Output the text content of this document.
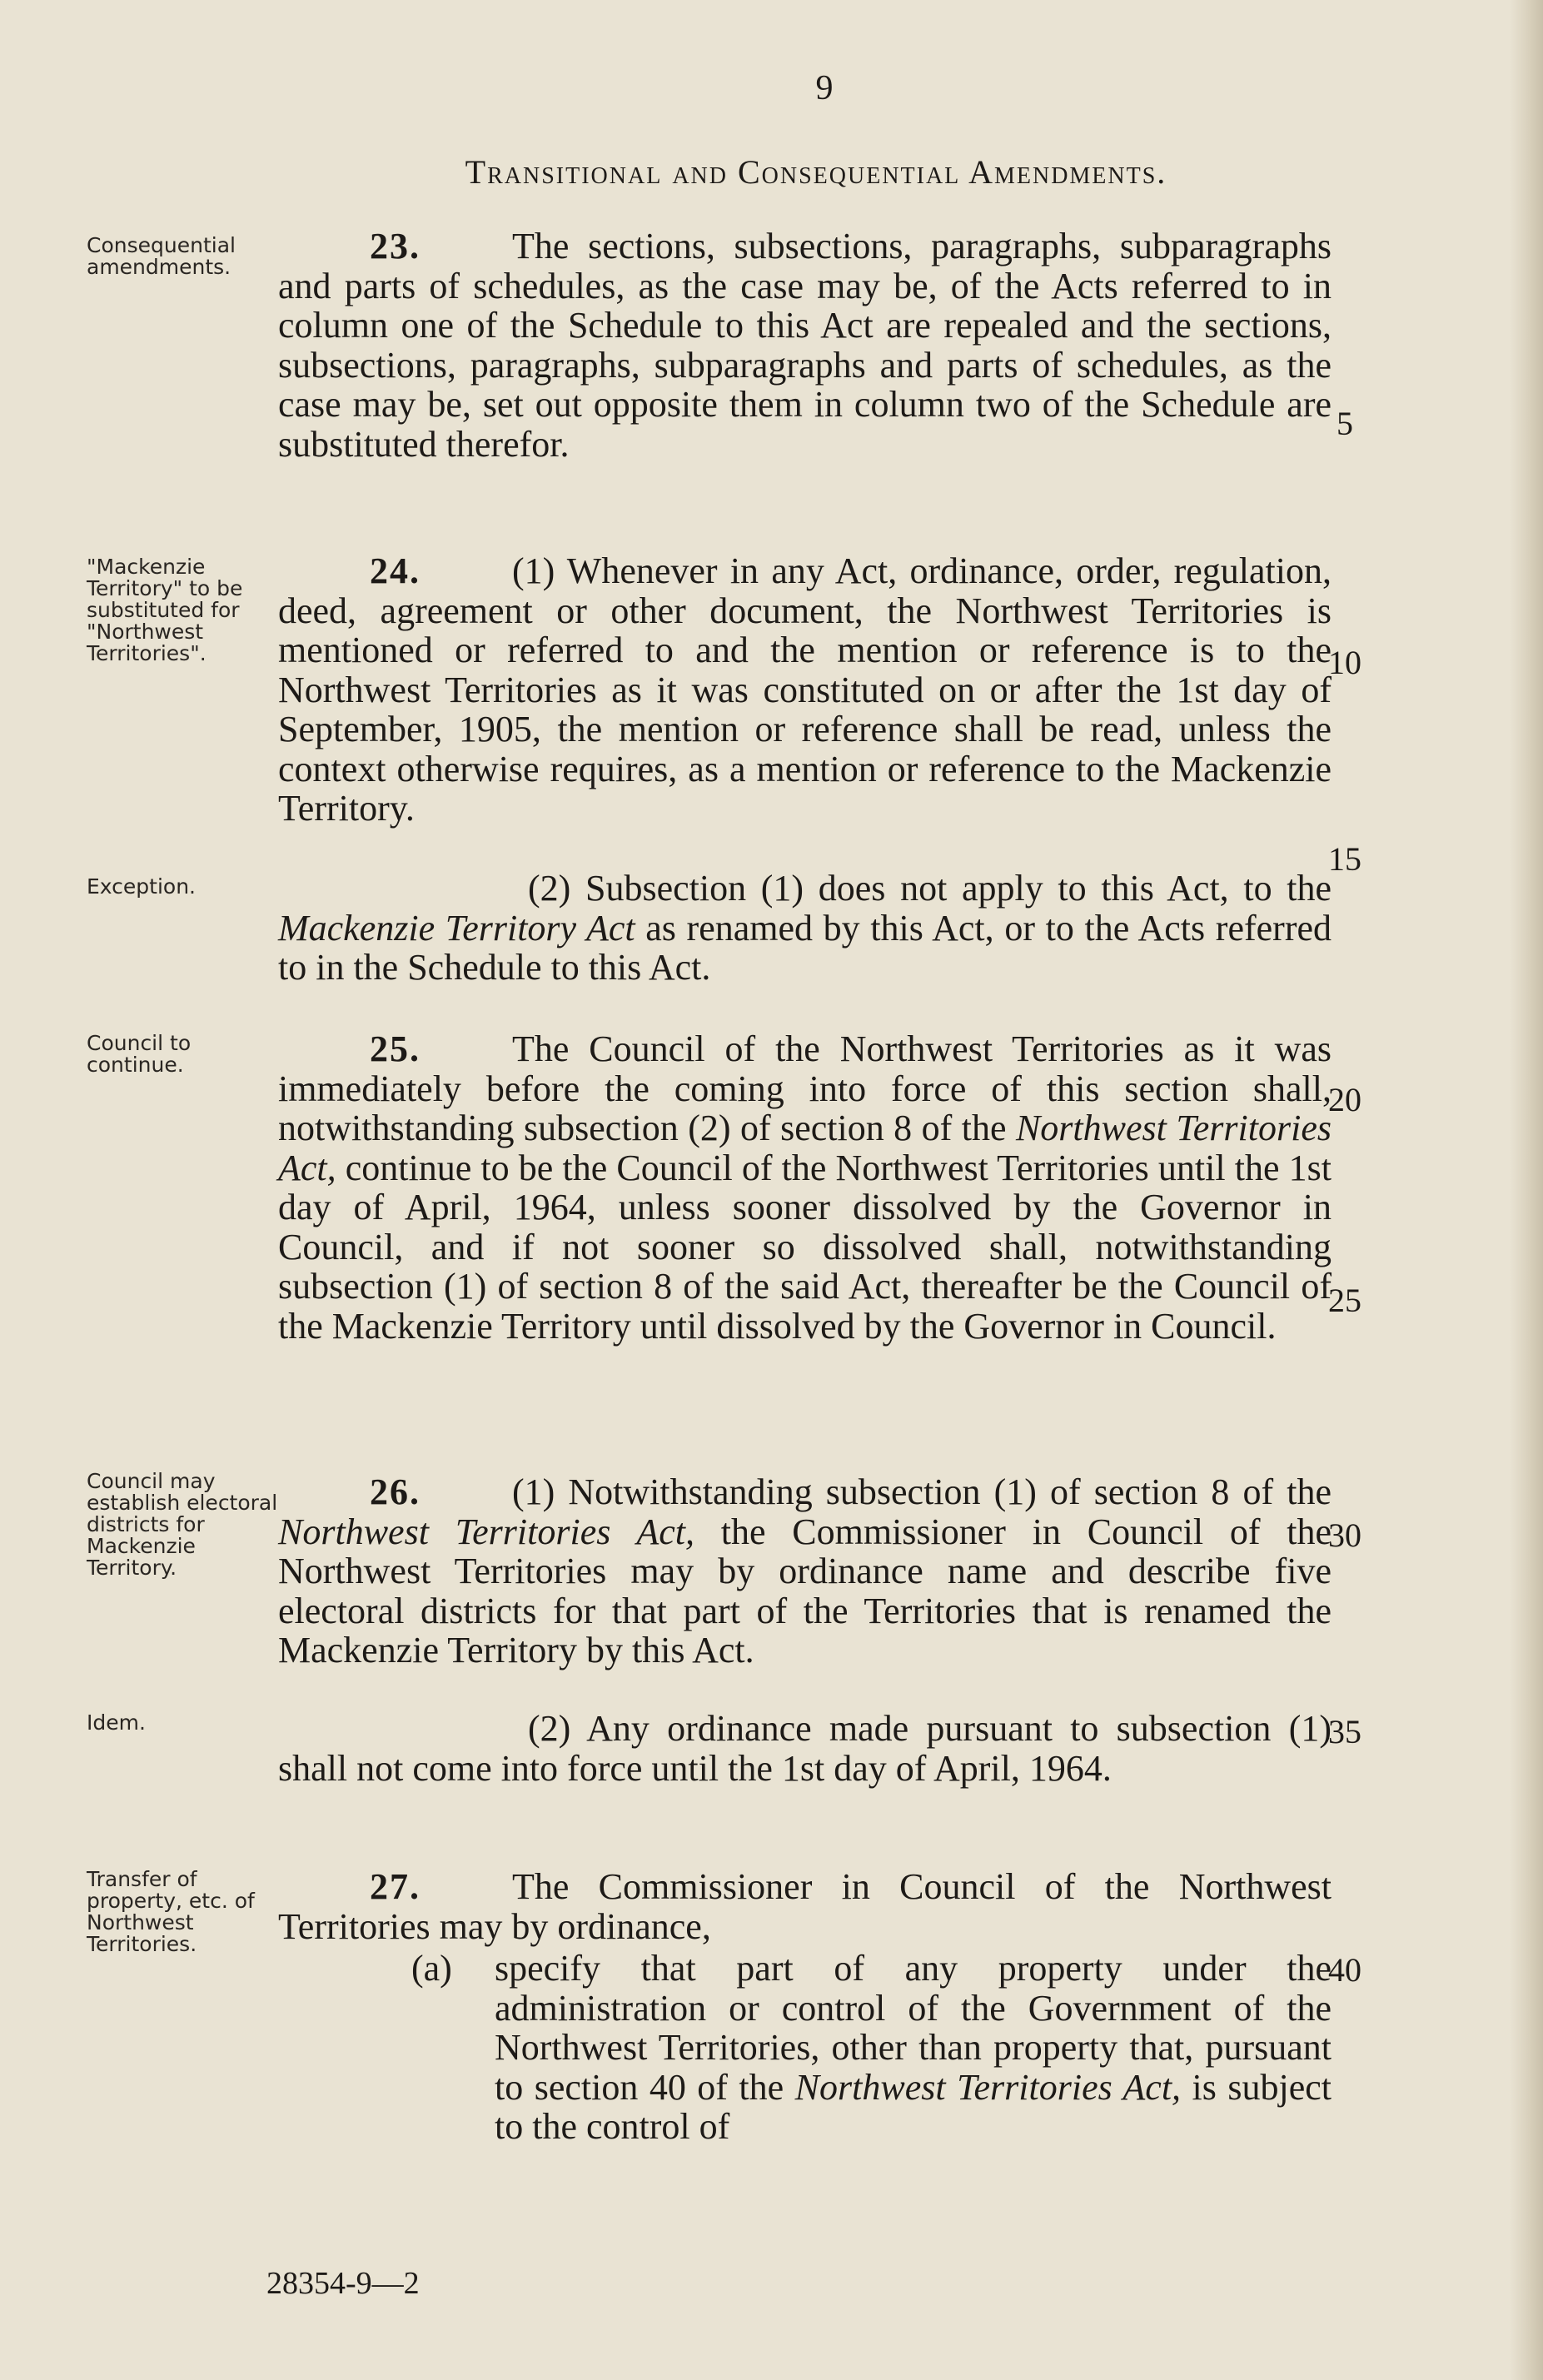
9
Transitional and Consequential Amendments.
Consequential amendments.
23.	The sections, subsections, paragraphs, subparagraphs and parts of schedules, as the case may be, of the Acts referred to in column one of the Schedule to this Act are repealed and the sections, subsections, paragraphs, subparagraphs and parts of schedules, as the case may be, set out opposite them in column two of the Schedule are substituted therefor.
"Mackenzie Territory" to be substituted for "Northwest Territories".
24.	(1) Whenever in any Act, ordinance, order, regulation, deed, agreement or other document, the Northwest Territories is mentioned or referred to and the mention or reference is to the Northwest Territories as it was constituted on or after the 1st day of September, 1905, the mention or reference shall be read, unless the context otherwise requires, as a mention or reference to the Mackenzie Territory.
Exception.	(2) Subsection (1) does not apply to this Act, to the Mackenzie Territory Act as renamed by this Act, or to the Acts referred to in the Schedule to this Act.
Council to continue.	25.	The Council of the Northwest Territories as it was immediately before the coming into force of this section shall, notwithstanding subsection (2) of section 8 of the Northwest Territories Act, continue to be the Council of the Northwest Territories until the 1st day of April, 1964, unless sooner dissolved by the Governor in Council, and if not sooner so dissolved shall, notwithstanding subsection (1) of section 8 of the said Act, thereafter be the Council of the Mackenzie Territory until dissolved by the Governor in Council.
Council may establish electoral districts for Mackenzie Territory.
26.	(1) Notwithstanding subsection (1) of section 8 of the Northwest Territories Act, the Commissioner in Council of the Northwest Territories may by ordinance name and describe five electoral districts for that part of the Territories that is renamed the Mackenzie Territory by this Act.
Idem.	(2) Any ordinance made pursuant to subsection (1) shall not come into force until the 1st day of April, 1964.
Transfer of property, etc. of Northwest Territories.
27.	The Commissioner in Council of the Northwest Territories may by ordinance,
(a) specify that part of any property under the administration or control of the Government of the Northwest Territories, other than property that, pursuant to section 40 of the Northwest Territories Act, is subject to the control of
5
10
15
20
25
30
35
40
28354-9—2
